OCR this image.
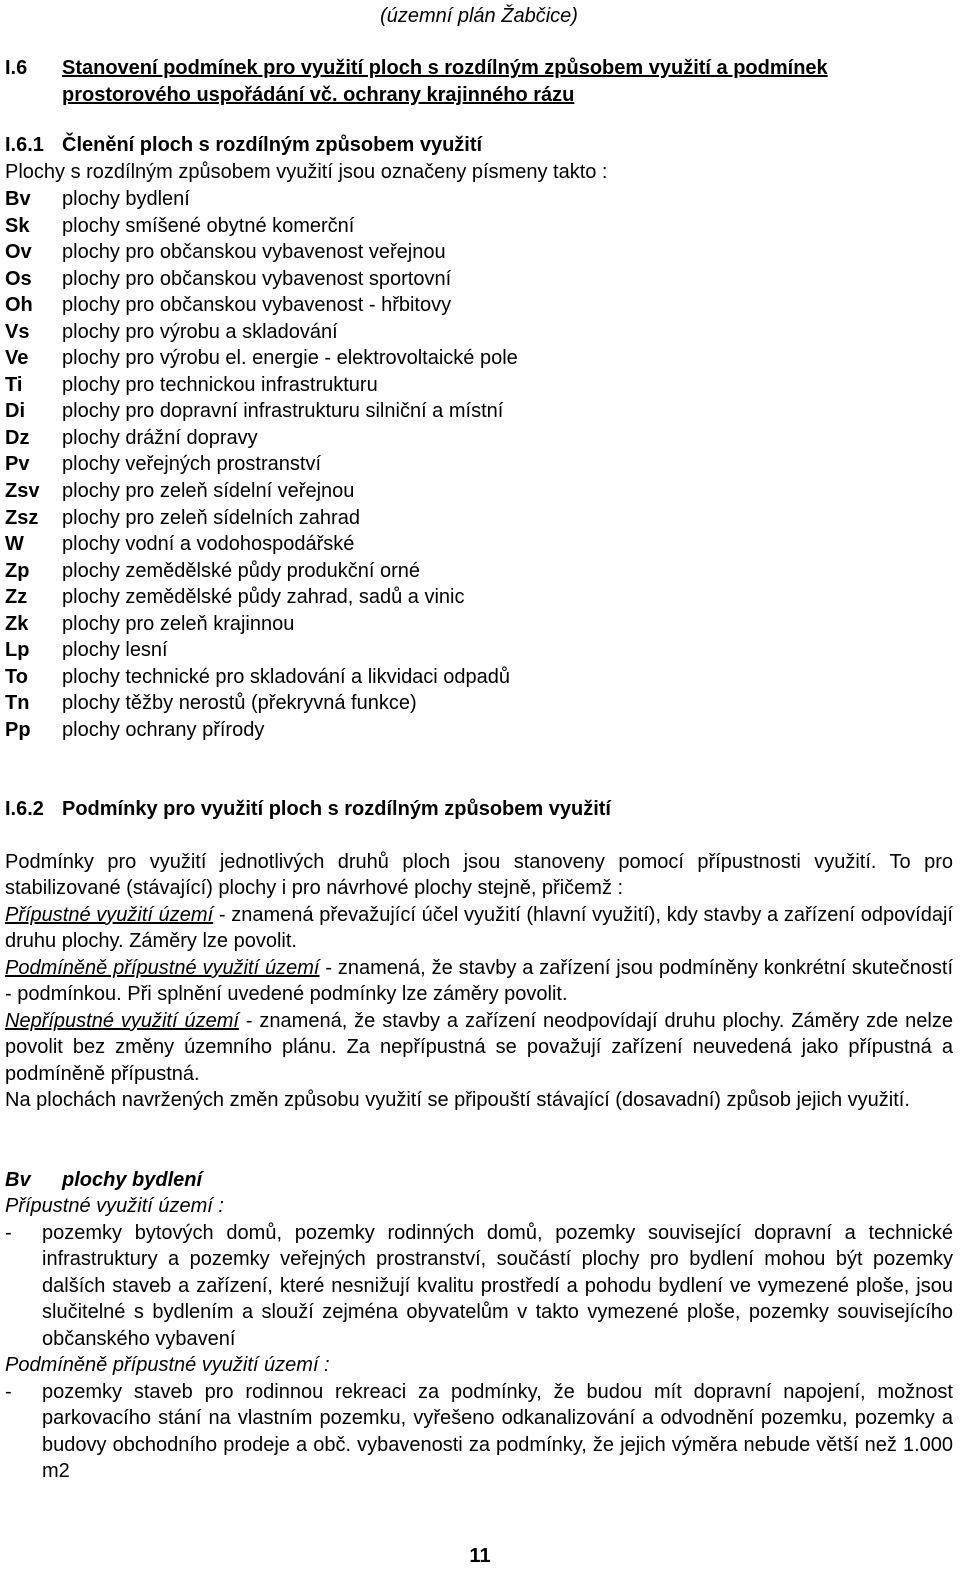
(územní plán Žabčice)
I.6 Stanovení podmínek pro využití ploch s rozdílným způsobem využití a podmínek prostorového uspořádání vč. ochrany krajinného rázu
I.6.1 Členění ploch s rozdílným způsobem využití
Plochy s rozdílným způsobem využití jsou označeny písmeny takto :
Bv plochy bydlení
Sk plochy smíšené obytné komerční
Ov plochy pro občanskou vybavenost veřejnou
Os plochy pro občanskou vybavenost sportovní
Oh plochy pro občanskou vybavenost - hřbitovy
Vs plochy pro výrobu a skladování
Ve plochy pro výrobu el. energie - elektrovoltaické pole
Ti plochy pro technickou infrastrukturu
Di plochy pro dopravní infrastrukturu silniční a místní
Dz plochy drážní dopravy
Pv plochy veřejných prostranství
Zsv plochy pro zeleň sídelní veřejnou
Zsz plochy pro zeleň sídelních zahrad
W plochy vodní a vodohospodářské
Zp plochy zemědělské půdy produkční orné
Zz plochy zemědělské půdy zahrad, sadů a vinic
Zk plochy pro zeleň krajinnou
Lp plochy lesní
To plochy technické pro skladování a likvidaci odpadů
Tn plochy těžby nerostů (překryvná funkce)
Pp plochy ochrany přírody
I.6.2 Podmínky pro využití ploch s rozdílným způsobem využití
Podmínky pro využití jednotlivých druhů ploch jsou stanoveny pomocí přípustnosti využití. To pro stabilizované (stávající) plochy i pro návrhové plochy stejně, přičemž :
Přípustné využití území - znamená převažující účel využití (hlavní využití), kdy stavby a zařízení odpovídají druhu plochy. Záměry lze povolit.
Podmíněně přípustné využití území - znamená, že stavby a zařízení jsou podmíněny konkrétní skutečností - podmínkou. Při splnění uvedené podmínky lze záměry povolit.
Nepřípustné využití území - znamená, že stavby a zařízení neodpovídají druhu plochy. Záměry zde nelze povolit bez změny územního plánu. Za nepřípustná se považují zařízení neuvedená jako přípustná a podmíněně přípustná.
Na plochách navržených změn způsobu využití se připouští stávající (dosavadní) způsob jejich využití.
Bv plochy bydlení
Přípustné využití území :
- pozemky bytových domů, pozemky rodinných domů, pozemky související dopravní a technické infrastruktury a pozemky veřejných prostranství, součástí plochy pro bydlení mohou být pozemky dalších staveb a zařízení, které nesnižují kvalitu prostředí a pohodu bydlení ve vymezené ploše, jsou slučitelné s bydlením a slouží zejména obyvatelům v takto vymezené ploše, pozemky souvisejícího občanského vybavení
Podmíněně přípustné využití území :
- pozemky staveb pro rodinnou rekreaci za podmínky, že budou mít dopravní napojení, možnost parkovacího stání na vlastním pozemku, vyřešeno odkanalizování a odvodnění pozemku, pozemky a budovy obchodního prodeje a obč. vybavenosti za podmínky, že jejich výměra nebude větší než 1.000 m2
11
